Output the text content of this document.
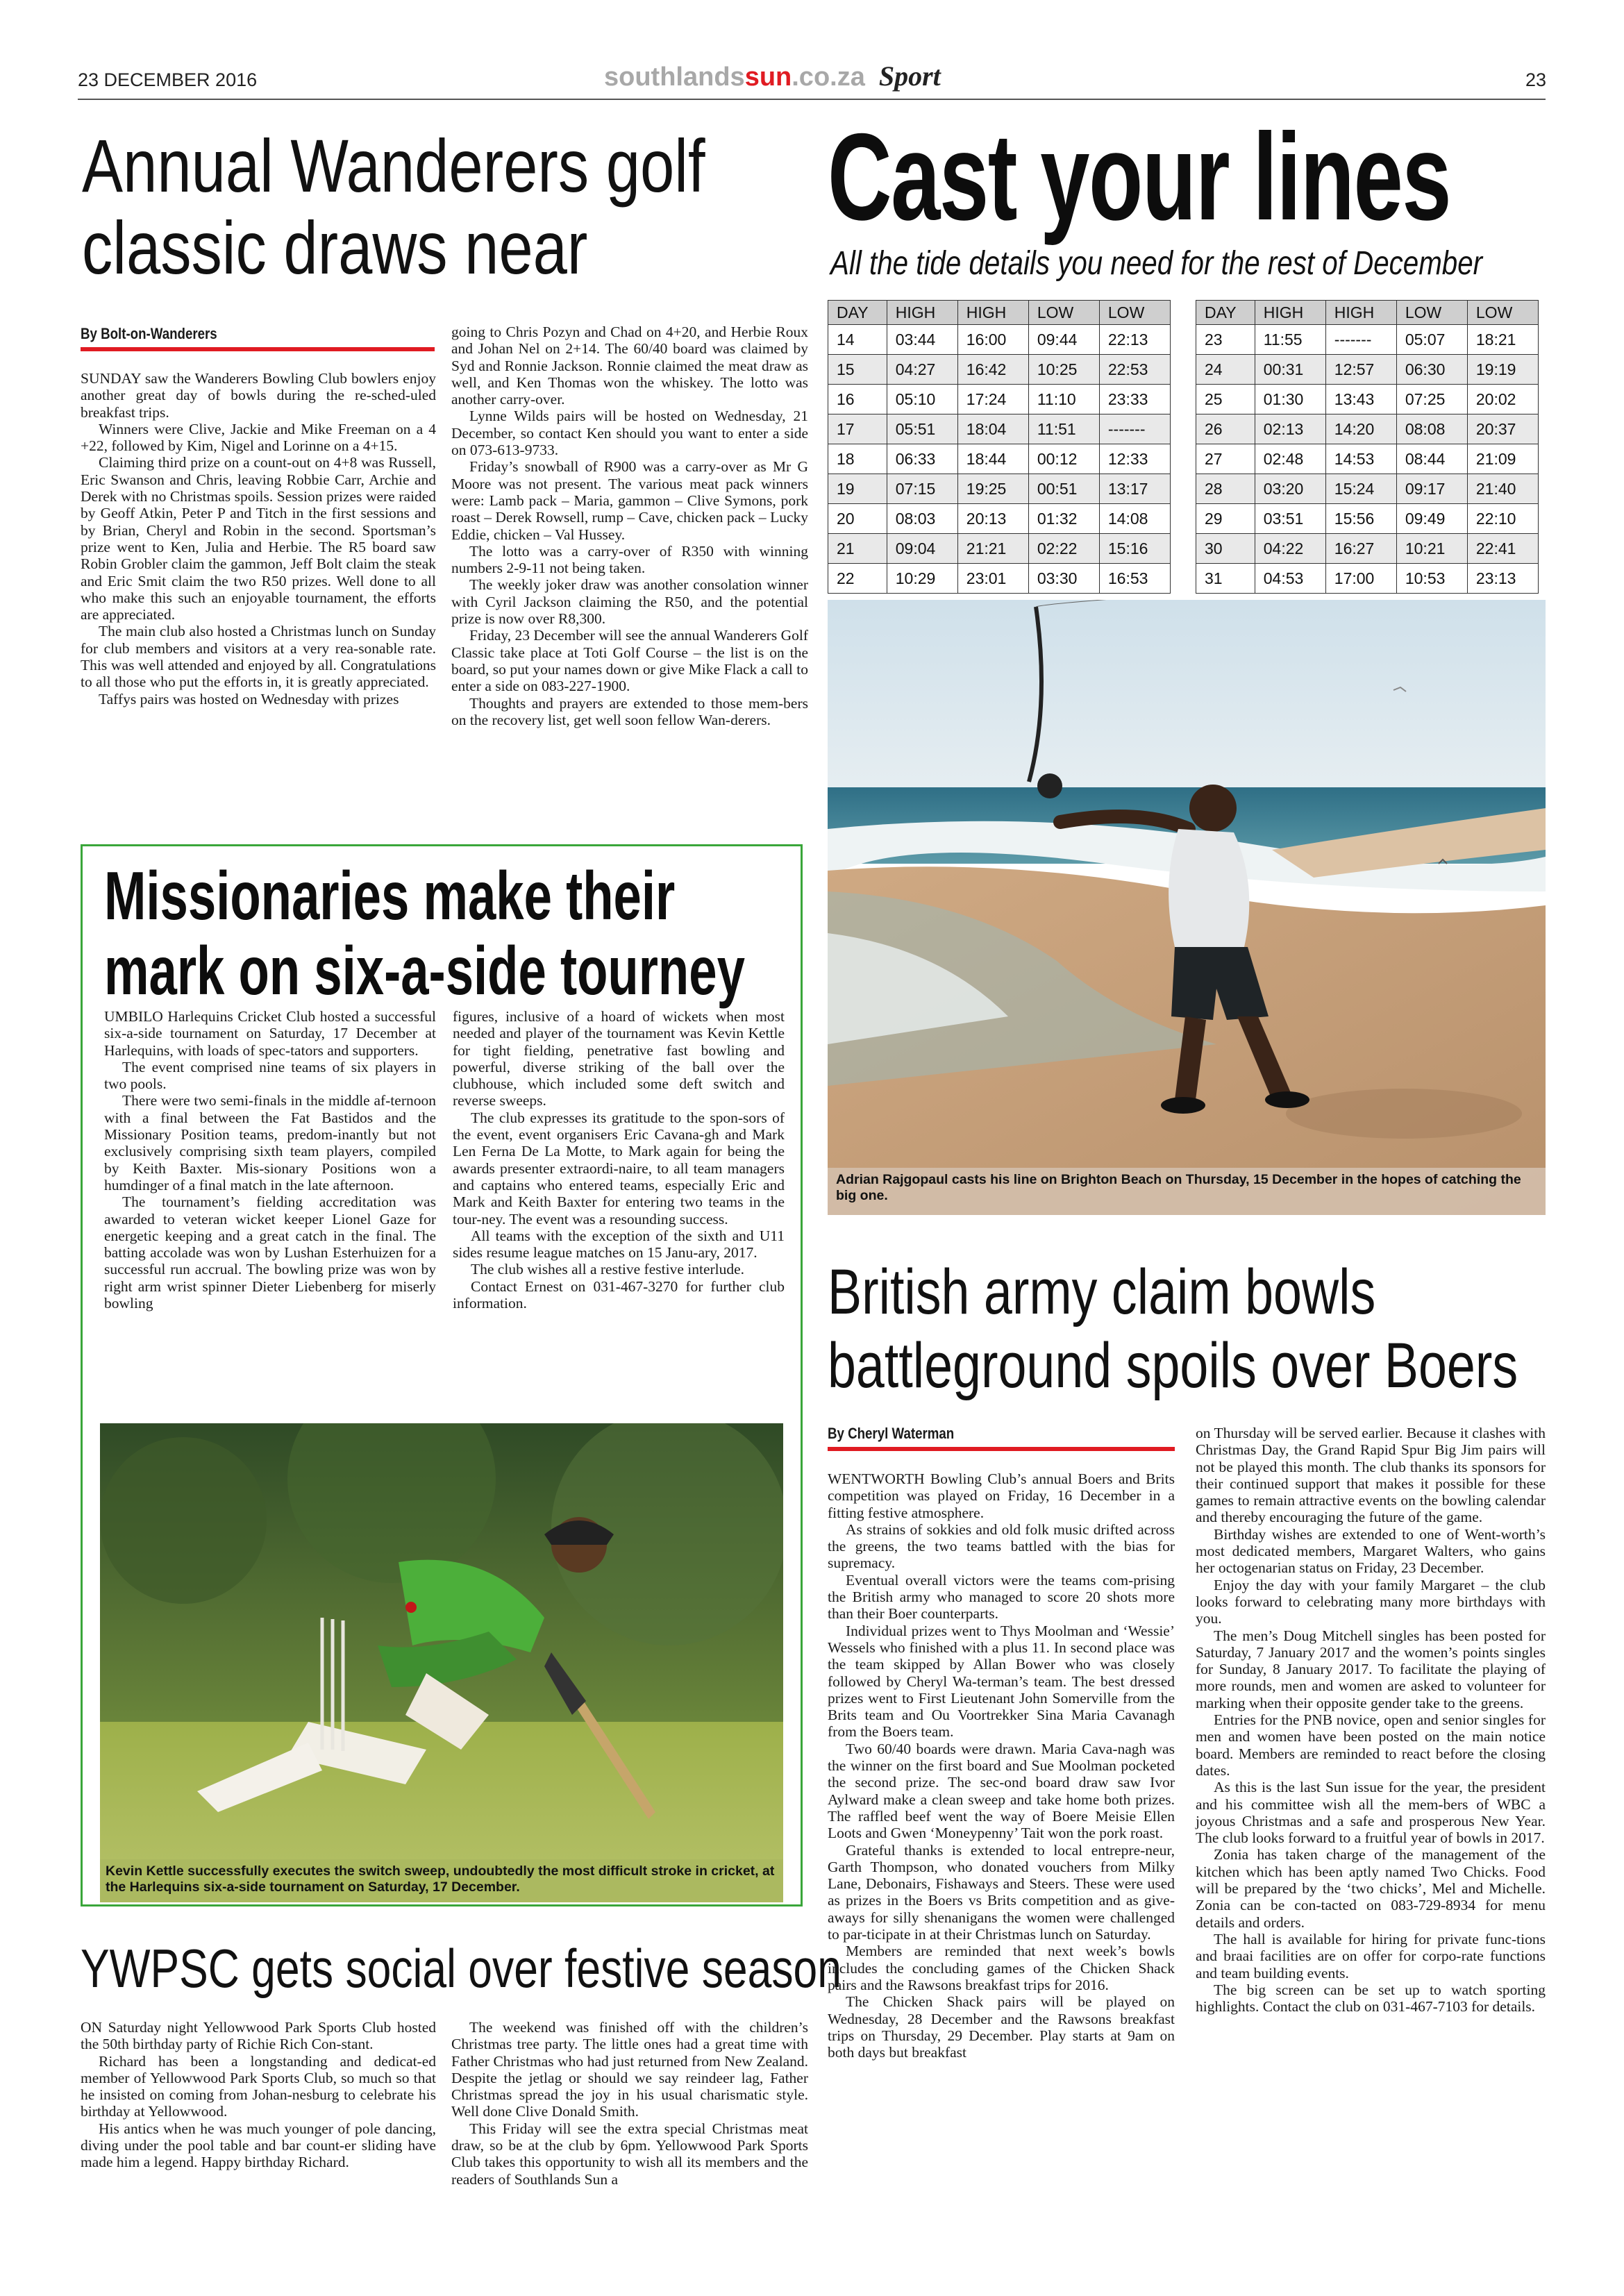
23 DECEMBER 2016	southlandssun.co.za Sport	23
Annual Wanderers golf
classic draws near
By Bolt-on-Wanderers

SUNDAY saw the Wanderers Bowling Club bowlers enjoy another great day of bowls during the re-sched-uled breakfast trips.

Winners were Clive, Jackie and Mike Freeman on a 4 +22, followed by Kim, Nigel and Lorinne on a 4+15.

Claiming third prize on a count-out on 4+8 was Russell, Eric Swanson and Chris, leaving Robbie Carr, Archie and Derek with no Christmas spoils. Session prizes were raided by Geoff Atkin, Peter P and Titch in the first sessions and by Brian, Cheryl and Robin in the second. Sportsman’s prize went to Ken, Julia and Herbie. The R5 board saw Robin Grobler claim the gammon, Jeff Bolt claim the steak and Eric Smit claim the two R50 prizes. Well done to all who make this such an enjoyable tournament, the efforts are appreciated.

The main club also hosted a Christmas lunch on Sunday for club members and visitors at a very rea-sonable rate. This was well attended and enjoyed by all. Congratulations to all those who put the efforts in, it is greatly appreciated.

Taffys pairs was hosted on Wednesday with prizes

going to Chris Pozyn and Chad on 4+20, and Herbie Roux and Johan Nel on 2+14. The 60/40 board was claimed by Syd and Ronnie Jackson. Ronnie claimed the meat draw as well, and Ken Thomas won the whiskey. The lotto was another carry-over.

Lynne Wilds pairs will be hosted on Wednesday, 21 December, so contact Ken should you want to enter a side on 073-613-9733.

Friday’s snowball of R900 was a carry-over as Mr G Moore was not present. The various meat pack winners were: Lamb pack – Maria, gammon – Clive Symons, pork roast – Derek Rowsell, rump – Cave, chicken pack – Lucky Eddie, chicken – Val Hussey.

The lotto was a carry-over of R350 with winning numbers 2-9-11 not being taken.

The weekly joker draw was another consolation winner with Cyril Jackson claiming the R50, and the potential prize is now over R8,300.

Friday, 23 December will see the annual Wanderers Golf Classic take place at Toti Golf Course – the list is on the board, so put your names down or give Mike Flack a call to enter a side on 083-227-1900.

Thoughts and prayers are extended to those mem-bers on the recovery list, get well soon fellow Wan-derers.

Cast your lines
All the tide details you need for the rest of December
DAY	HIGH	HIGH	LOW	LOW
14	03:44	16:00	09:44	22:13
15	04:27	16:42	10:25	22:53
16	05:10	17:24	11:10	23:33
17	05:51	18:04	11:51	-------
18	06:33	18:44	00:12	12:33
19	07:15	19:25	00:51	13:17
20	08:03	20:13	01:32	14:08
21	09:04	21:21	02:22	15:16
22	10:29	23:01	03:30	16:53
DAY	HIGH	HIGH	LOW	LOW
23	11:55	-------	05:07	18:21
24	00:31	12:57	06:30	19:19
25	01:30	13:43	07:25	20:02
26	02:13	14:20	08:08	20:37
27	02:48	14:53	08:44	21:09
28	03:20	15:24	09:17	21:40
29	03:51	15:56	09:49	22:10
30	04:22	16:27	10:21	22:41
31	04:53	17:00	10:53	23:13
Adrian Rajgopaul casts his line on Brighton Beach on Thursday, 15 December in the hopes of catching the big one.
British army claim bowls
battleground spoils over Boers
By Cheryl Waterman

WENTWORTH Bowling Club’s annual Boers and Brits competition was played on Friday, 16 December in a fitting festive atmosphere.

As strains of sokkies and old folk music drifted across the greens, the two teams battled with the bias for supremacy.

Eventual overall victors were the teams com-prising the British army who managed to score 20 shots more than their Boer counterparts.

Individual prizes went to Thys Moolman and ‘Wessie’ Wessels who finished with a plus 11. In second place was the team skipped by Allan Bower who was closely followed by Cheryl Wa-terman’s team. The best dressed prizes went to First Lieutenant John Somerville from the Brits team and Ou Voortrekker Sina Maria Cavanagh from the Boers team.

Two 60/40 boards were drawn. Maria Cava-nagh was the winner on the first board and Sue Moolman pocketed the second prize. The sec-ond board draw saw Ivor Aylward make a clean sweep and take home both prizes. The raffled beef went the way of Boere Meisie Ellen Loots and Gwen ‘Moneypenny’ Tait won the pork roast.

Grateful thanks is extended to local entrepre-neur, Garth Thompson, who donated vouchers from Milky Lane, Debonairs, Fishaways and Steers. These were used as prizes in the Boers vs Brits competition and as give-aways for silly shenanigans the women were challenged to par-ticipate in at their Christmas lunch on Saturday.

Members are reminded that next week’s bowls includes the concluding games of the Chicken Shack pairs and the Rawsons breakfast trips for 2016.

The Chicken Shack pairs will be played on Wednesday, 28 December and the Rawsons breakfast trips on Thursday, 29 December. Play starts at 9am on both days but breakfast

on Thursday will be served earlier. Because it clashes with Christmas Day, the Grand Rapid Spur Big Jim pairs will not be played this month. The club thanks its sponsors for their continued support that makes it possible for these games to remain attractive events on the bowling calendar and thereby encouraging the future of the game.

Birthday wishes are extended to one of Went-worth’s most dedicated members, Margaret Walters, who gains her octogenarian status on Friday, 23 December.

Enjoy the day with your family Margaret – the club looks forward to celebrating many more birthdays with you.

The men’s Doug Mitchell singles has been posted for Saturday, 7 January 2017 and the women’s points singles for Sunday, 8 January 2017. To facilitate the playing of more rounds, men and women are asked to volunteer for marking when their opposite gender take to the greens.

Entries for the PNB novice, open and senior singles for men and women have been posted on the main notice board. Members are reminded to react before the closing dates.

As this is the last Sun issue for the year, the president and his committee wish all the mem-bers of WBC a joyous Christmas and a safe and prosperous New Year. The club looks forward to a fruitful year of bowls in 2017.

Zonia has taken charge of the management of the kitchen which has been aptly named Two Chicks. Food will be prepared by the ‘two chicks’, Mel and Michelle. Zonia can be con-tacted on 083-729-8934 for menu details and orders.

The hall is available for hiring for private func-tions and braai facilities are on offer for corpo-rate functions and team building events.

The big screen can be set up to watch sporting highlights. Contact the club on 031-467-7103 for details.

Missionaries make their
mark on six-a-side tourney

UMBILO Harlequins Cricket Club hosted a successful six-a-side tournament on Saturday, 17 December at Harlequins, with loads of spec-tators and supporters.

The event comprised nine teams of six players in two pools.

There were two semi-finals in the middle af-ternoon with a final between the Fat Bastidos and the Missionary Position teams, predom-inantly but not exclusively comprising sixth team players, compiled by Keith Baxter. Mis-sionary Positions won a humdinger of a final match in the late afternoon.

The tournament’s fielding accreditation was awarded to veteran wicket keeper Lionel Gaze for energetic keeping and a great catch in the final. The batting accolade was won by Lushan Esterhuizen for a successful run accrual. The bowling prize was won by right arm wrist spinner Dieter Liebenberg for miserly bowling

figures, inclusive of a hoard of wickets when most needed and player of the tournament was Kevin Kettle for tight fielding, penetrative fast bowling and powerful, diverse striking of the ball over the clubhouse, which included some deft switch and reverse sweeps.

The club expresses its gratitude to the spon-sors of the event, event organisers Eric Cavana-gh and Mark Len Ferna De La Motte, to Mark again for being the awards presenter extraordi-naire, to all team managers and captains who entered teams, especially Eric and Mark and Keith Baxter for entering two teams in the tour-ney. The event was a resounding success.

All teams with the exception of the sixth and U11 sides resume league matches on 15 Janu-ary, 2017.

The club wishes all a restive festive interlude.

Contact Ernest on 031-467-3270 for further club information.

Kevin Kettle successfully executes the switch sweep, undoubtedly the most difficult stroke in cricket, at the Harlequins six-a-side tournament on Saturday, 17 December.
YWPSC gets social over festive season

ON Saturday night Yellowwood Park Sports Club hosted the 50th birthday party of Richie Rich Con-stant.

Richard has been a longstanding and dedicat-ed member of Yellowwood Park Sports Club, so much so that he insisted on coming from Johan-nesburg to celebrate his birthday at Yellowwood.

His antics when he was much younger of pole dancing, diving under the pool table and bar count-er sliding have made him a legend. Happy birthday Richard.

The weekend was finished off with the children’s Christmas tree party. The little ones had a great time with Father Christmas who had just returned from New Zealand. Despite the jetlag or should we say reindeer lag, Father Christmas spread the joy in his usual charismatic style. Well done Clive Donald Smith.

This Friday will see the extra special Christmas meat draw, so be at the club by 6pm. Yellowwood Park Sports Club takes this opportunity to wish all its members and the readers of Southlands Sun a
